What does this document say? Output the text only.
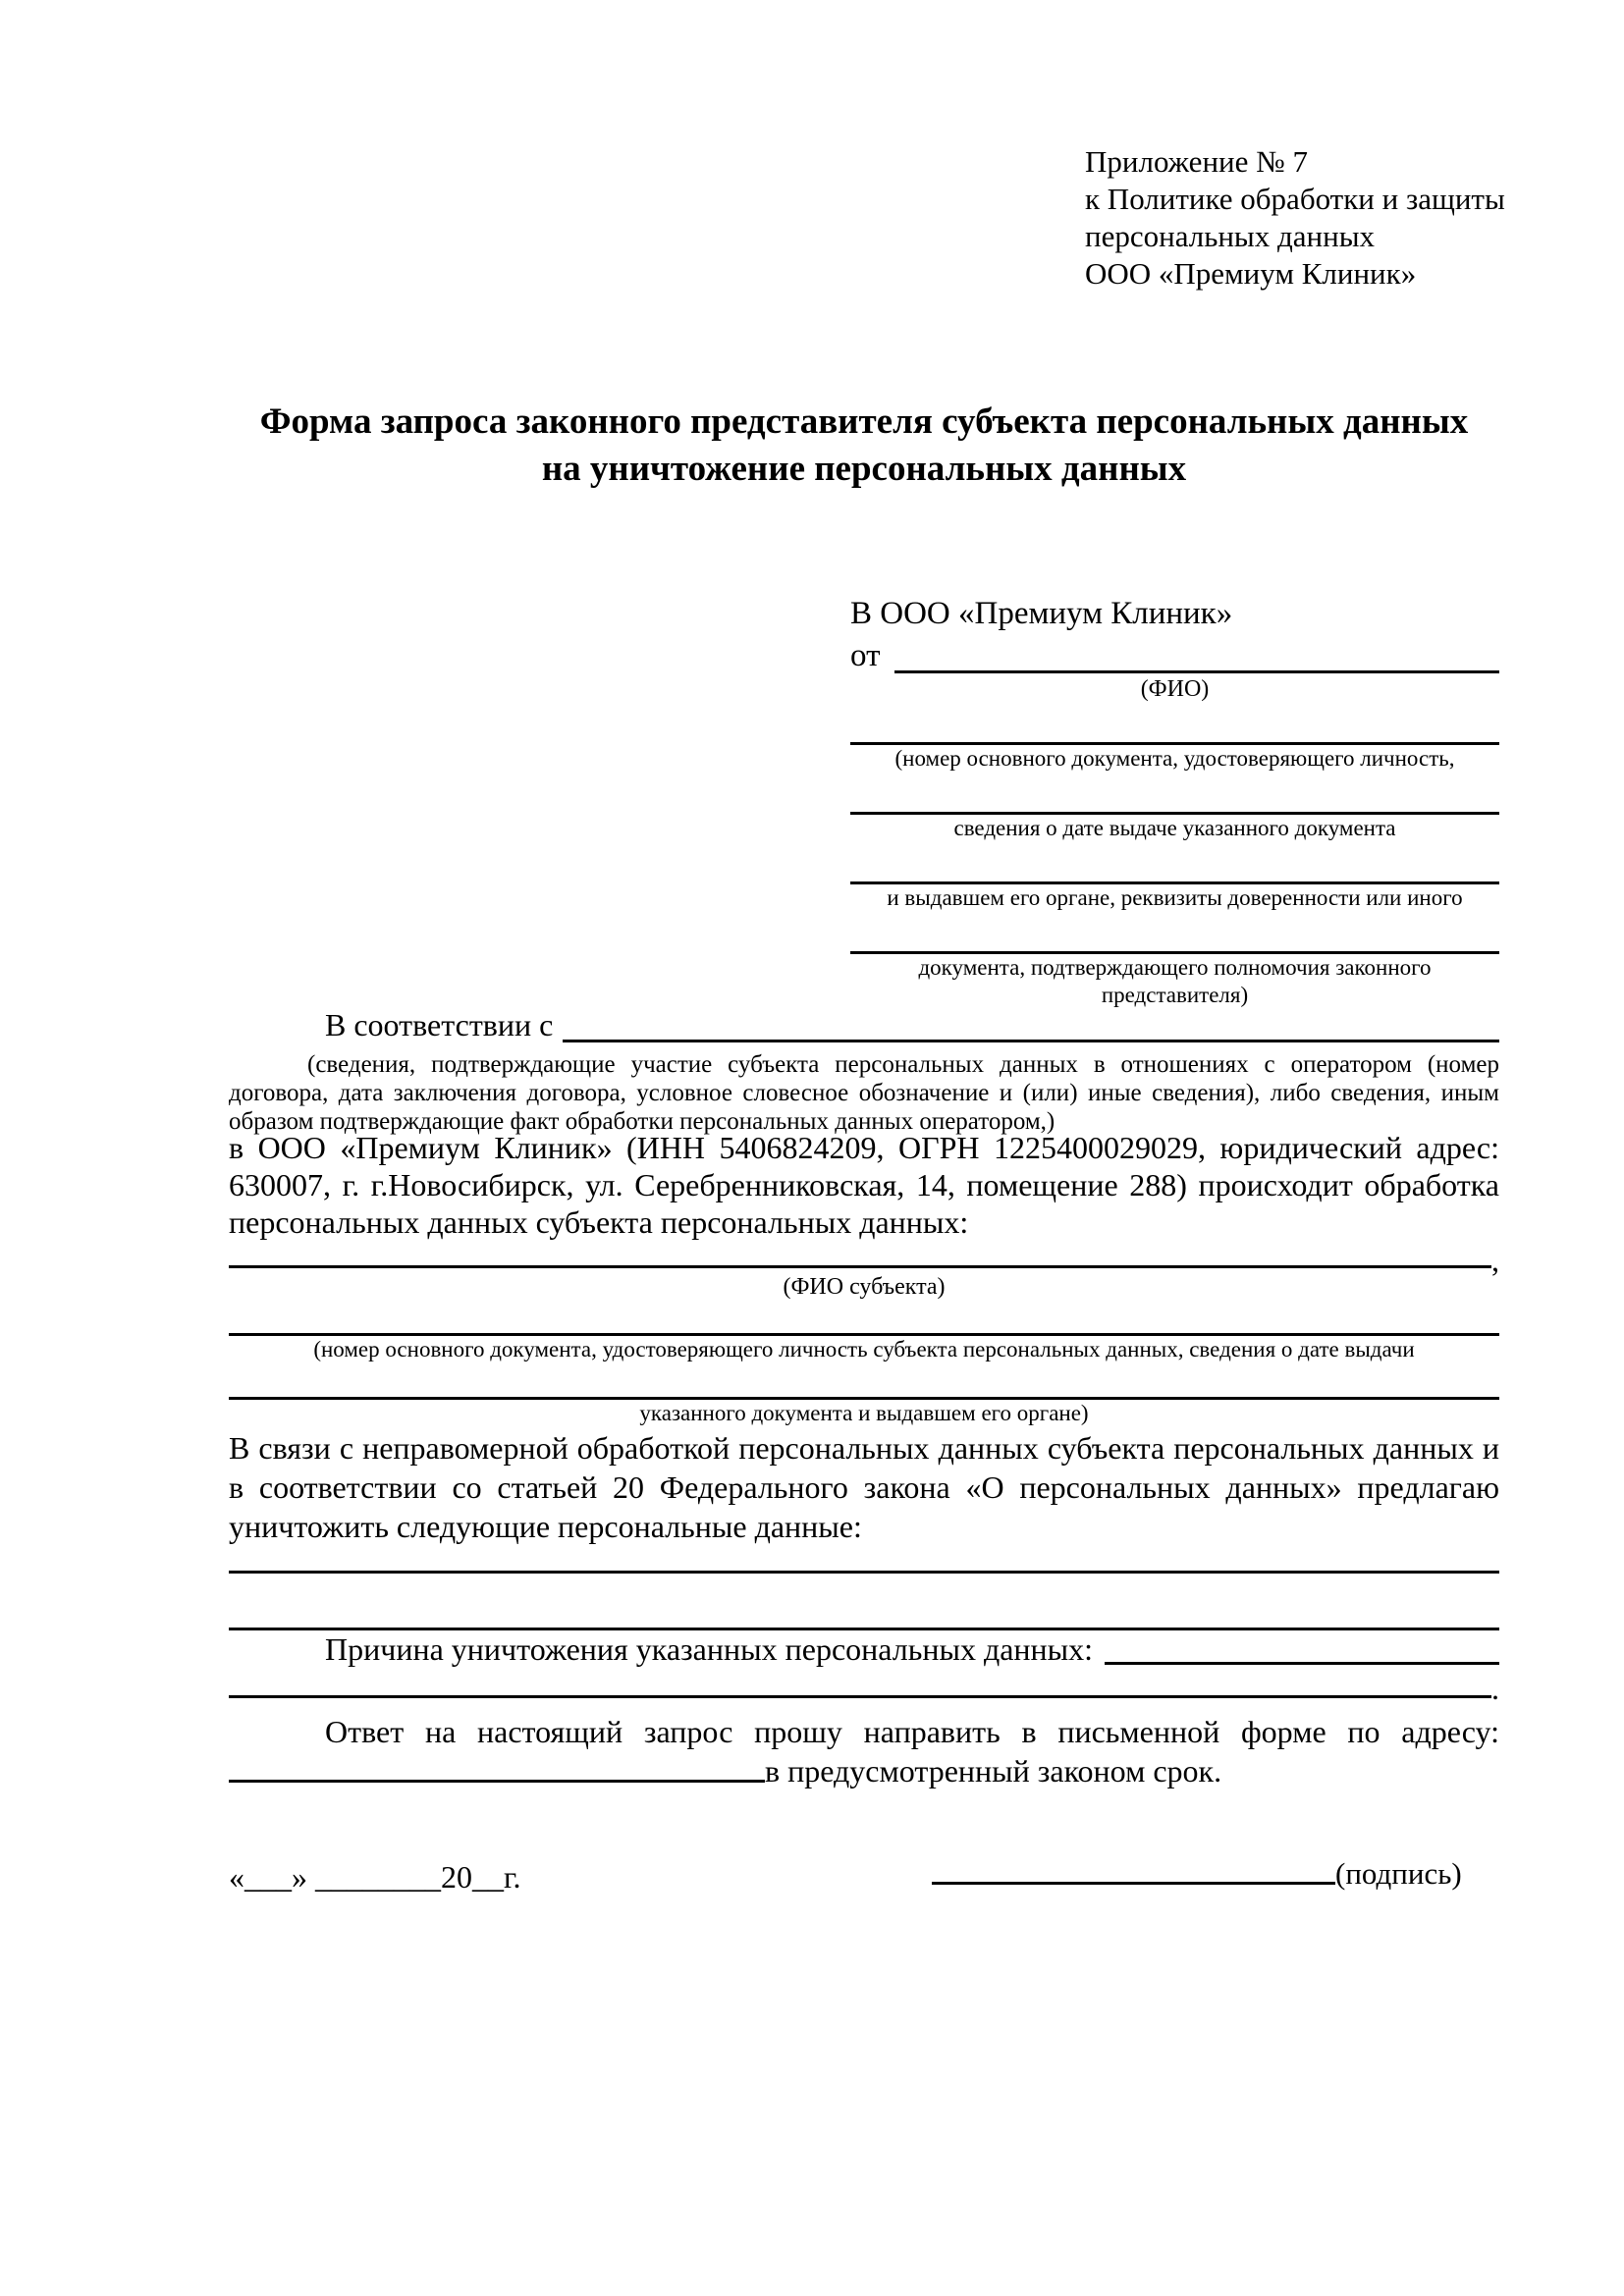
Приложение № 7
к Политике обработки и защиты
персональных данных
ООО «Премиум Клиник»
Форма запроса законного представителя субъекта персональных данных
на уничтожение персональных данных
В ООО «Премиум Клиник»
от
(ФИО)
(номер основного документа, удостоверяющего личность,
сведения о дате выдаче указанного документа
и выдавшем его органе, реквизиты доверенности или иного
документа, подтверждающего полномочия законного представителя)
В соответствии с
(сведения, подтверждающие участие субъекта персональных данных в отношениях с оператором (номер договора, дата заключения договора, условное словесное обозначение и (или) иные сведения), либо сведения, иным образом подтверждающие факт обработки персональных данных оператором,)
в ООО «Премиум Клиник» (ИНН 5406824209, ОГРН 1225400029029, юридический адрес: 630007, г. г.Новосибирск, ул. Серебренниковская, 14, помещение 288) происходит обработка персональных данных субъекта персональных данных:
,
(ФИО субъекта)
(номер основного документа, удостоверяющего личность субъекта персональных данных, сведения о дате выдачи
указанного документа и выдавшем его органе)
В связи с неправомерной обработкой персональных данных субъекта персональных данных и в соответствии со статьей 20 Федерального закона «О персональных данных» предлагаю уничтожить следующие персональные данные:
Причина уничтожения указанных персональных данных:
.
Ответ на настоящий запрос прошу направить в письменной форме по адресу:
в предусмотренный законом срок.
«___» ________20__г.	(подпись)
